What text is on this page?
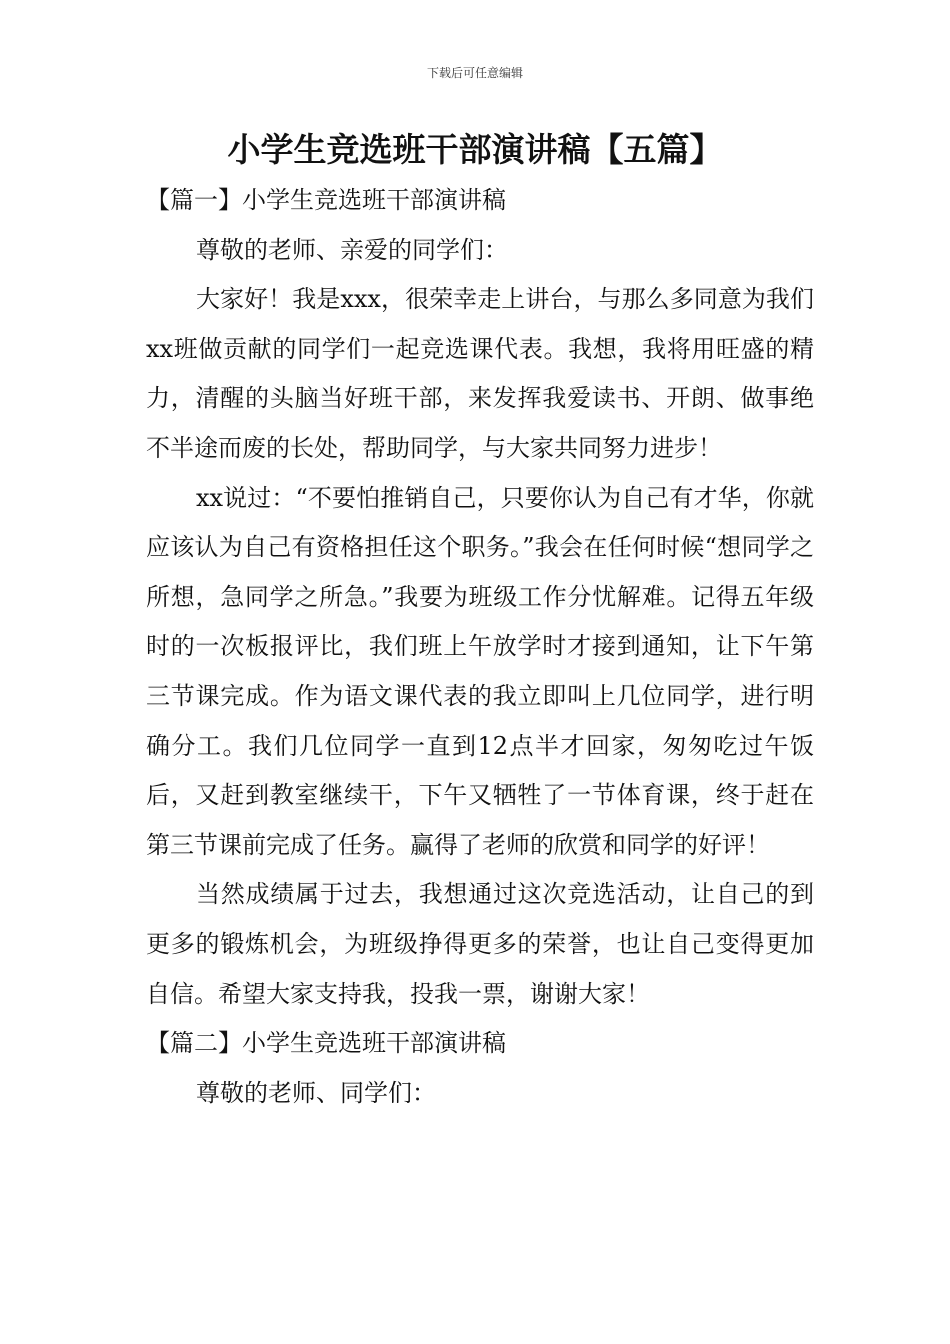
下载后可任意编辑
小学生竞选班干部演讲稿【五篇】

【篇一】小学生竞选班干部演讲稿

尊敬的老师、亲爱的同学们：

大家好！我是xxx，很荣幸走上讲台，与那么多同意为我们xx班做贡献的同学们一起竞选课代表。我想，我将用旺盛的精力，清醒的头脑当好班干部，来发挥我爱读书、开朗、做事绝不半途而废的长处，帮助同学，与大家共同努力进步！

xx说过：“不要怕推销自己，只要你认为自己有才华，你就应该认为自己有资格担任这个职务。”我会在任何时候“想同学之所想，急同学之所急。”我要为班级工作分忧解难。记得五年级时的一次板报评比，我们班上午放学时才接到通知，让下午第三节课完成。作为语文课代表的我立即叫上几位同学，进行明确分工。我们几位同学一直到12点半才回家，匆匆吃过午饭后，又赶到教室继续干，下午又牺牲了一节体育课，终于赶在第三节课前完成了任务。赢得了老师的欣赏和同学的好评！

当然成绩属于过去，我想通过这次竞选活动，让自己的到更多的锻炼机会，为班级挣得更多的荣誉，也让自己变得更加自信。希望大家支持我，投我一票，谢谢大家！

【篇二】小学生竞选班干部演讲稿

尊敬的老师、同学们：
